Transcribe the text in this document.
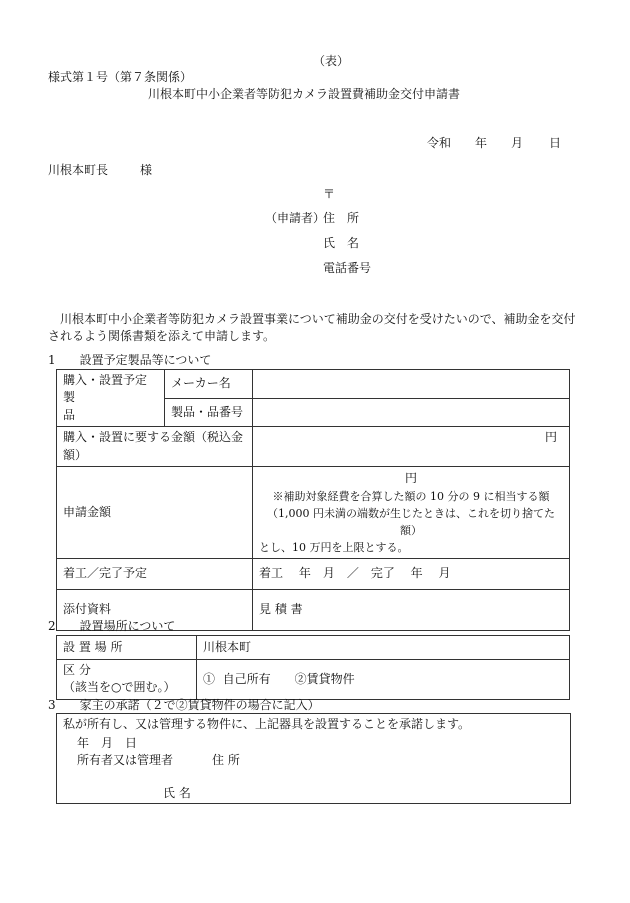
（表）
様式第１号（第７条関係）
川根本町中小企業者等防犯カメラ設置費補助金交付申請書
令和 年 月 日
川根本町長	様
〒
（申請者）
住　所
氏　名
電話番号
川根本町中小企業者等防犯カメラ設置事業について補助金の交付を受けたいので、補助金を交付
されるよう関係書類を添えて申請します。
1　　設置予定製品等について
購入・設置予定製
品	メーカー名	
	製品・品番号	
購入・設置に要する金額（税込金
額）		円
申請金額		円
※補助対象経費を合算した額の 10 分の 9 に相当する額
（1,000 円未満の端数が生じたときは、これを切り捨てた額）
とし、10 万円を上限とする。

着工／完了予定		着工　 年　月　／　完了　 年　 月
添付資料		見 積 書
2　　設置場所について
設 置 場 所	川根本町
区 分
（該当を○で囲む。）	①  自己所有　　②賃貸物件
3　　家主の承諾（２で②賃貸物件の場合に記入）
私が所有し、又は管理する物件に、上記器具を設置することを承諾します。
年　月　日
所有者又は管理者	住 所
氏 名
